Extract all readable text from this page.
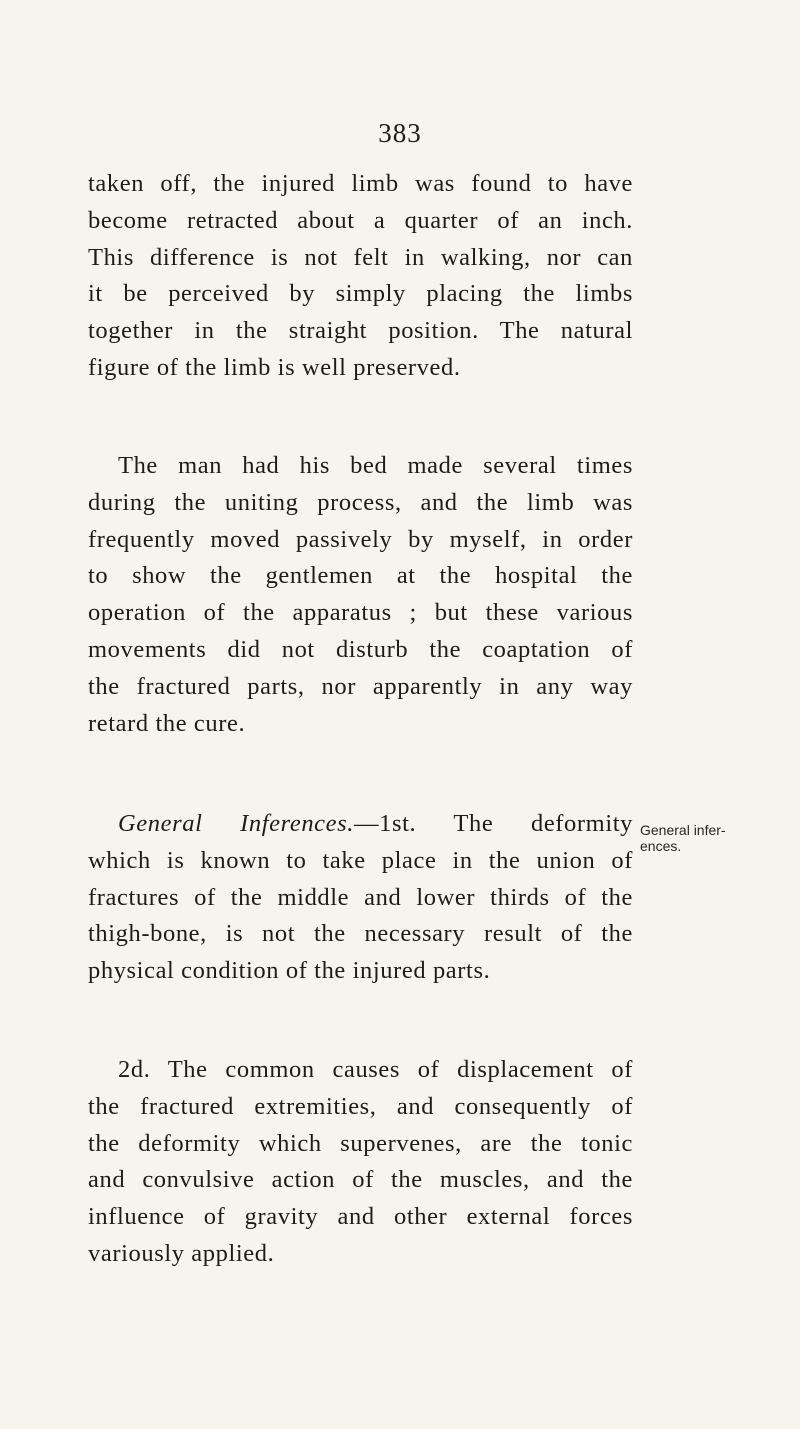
383

taken off, the injured limb was found to have
become retracted about a quarter of an inch.
This difference is not felt in walking, nor can
it be perceived by simply placing the limbs
together in the straight position. The natural
figure of the limb is well preserved.

The man had his bed made several times
during the uniting process, and the limb was
frequently moved passively by myself, in order
to show the gentlemen at the hospital the
operation of the apparatus ; but these various
movements did not disturb the coaptation of
the fractured parts, nor apparently in any way
retard the cure.

General Inferences.—1st. The deformity
which is known to take place in the union of
fractures of the middle and lower thirds of the
thigh-bone, is not the necessary result of the
physical condition of the injured parts.

2d. The common causes of displacement of
the fractured extremities, and consequently of
the deformity which supervenes, are the tonic
and convulsive action of the muscles, and the
influence of gravity and other external forces
variously applied.

General infer-
ences.
